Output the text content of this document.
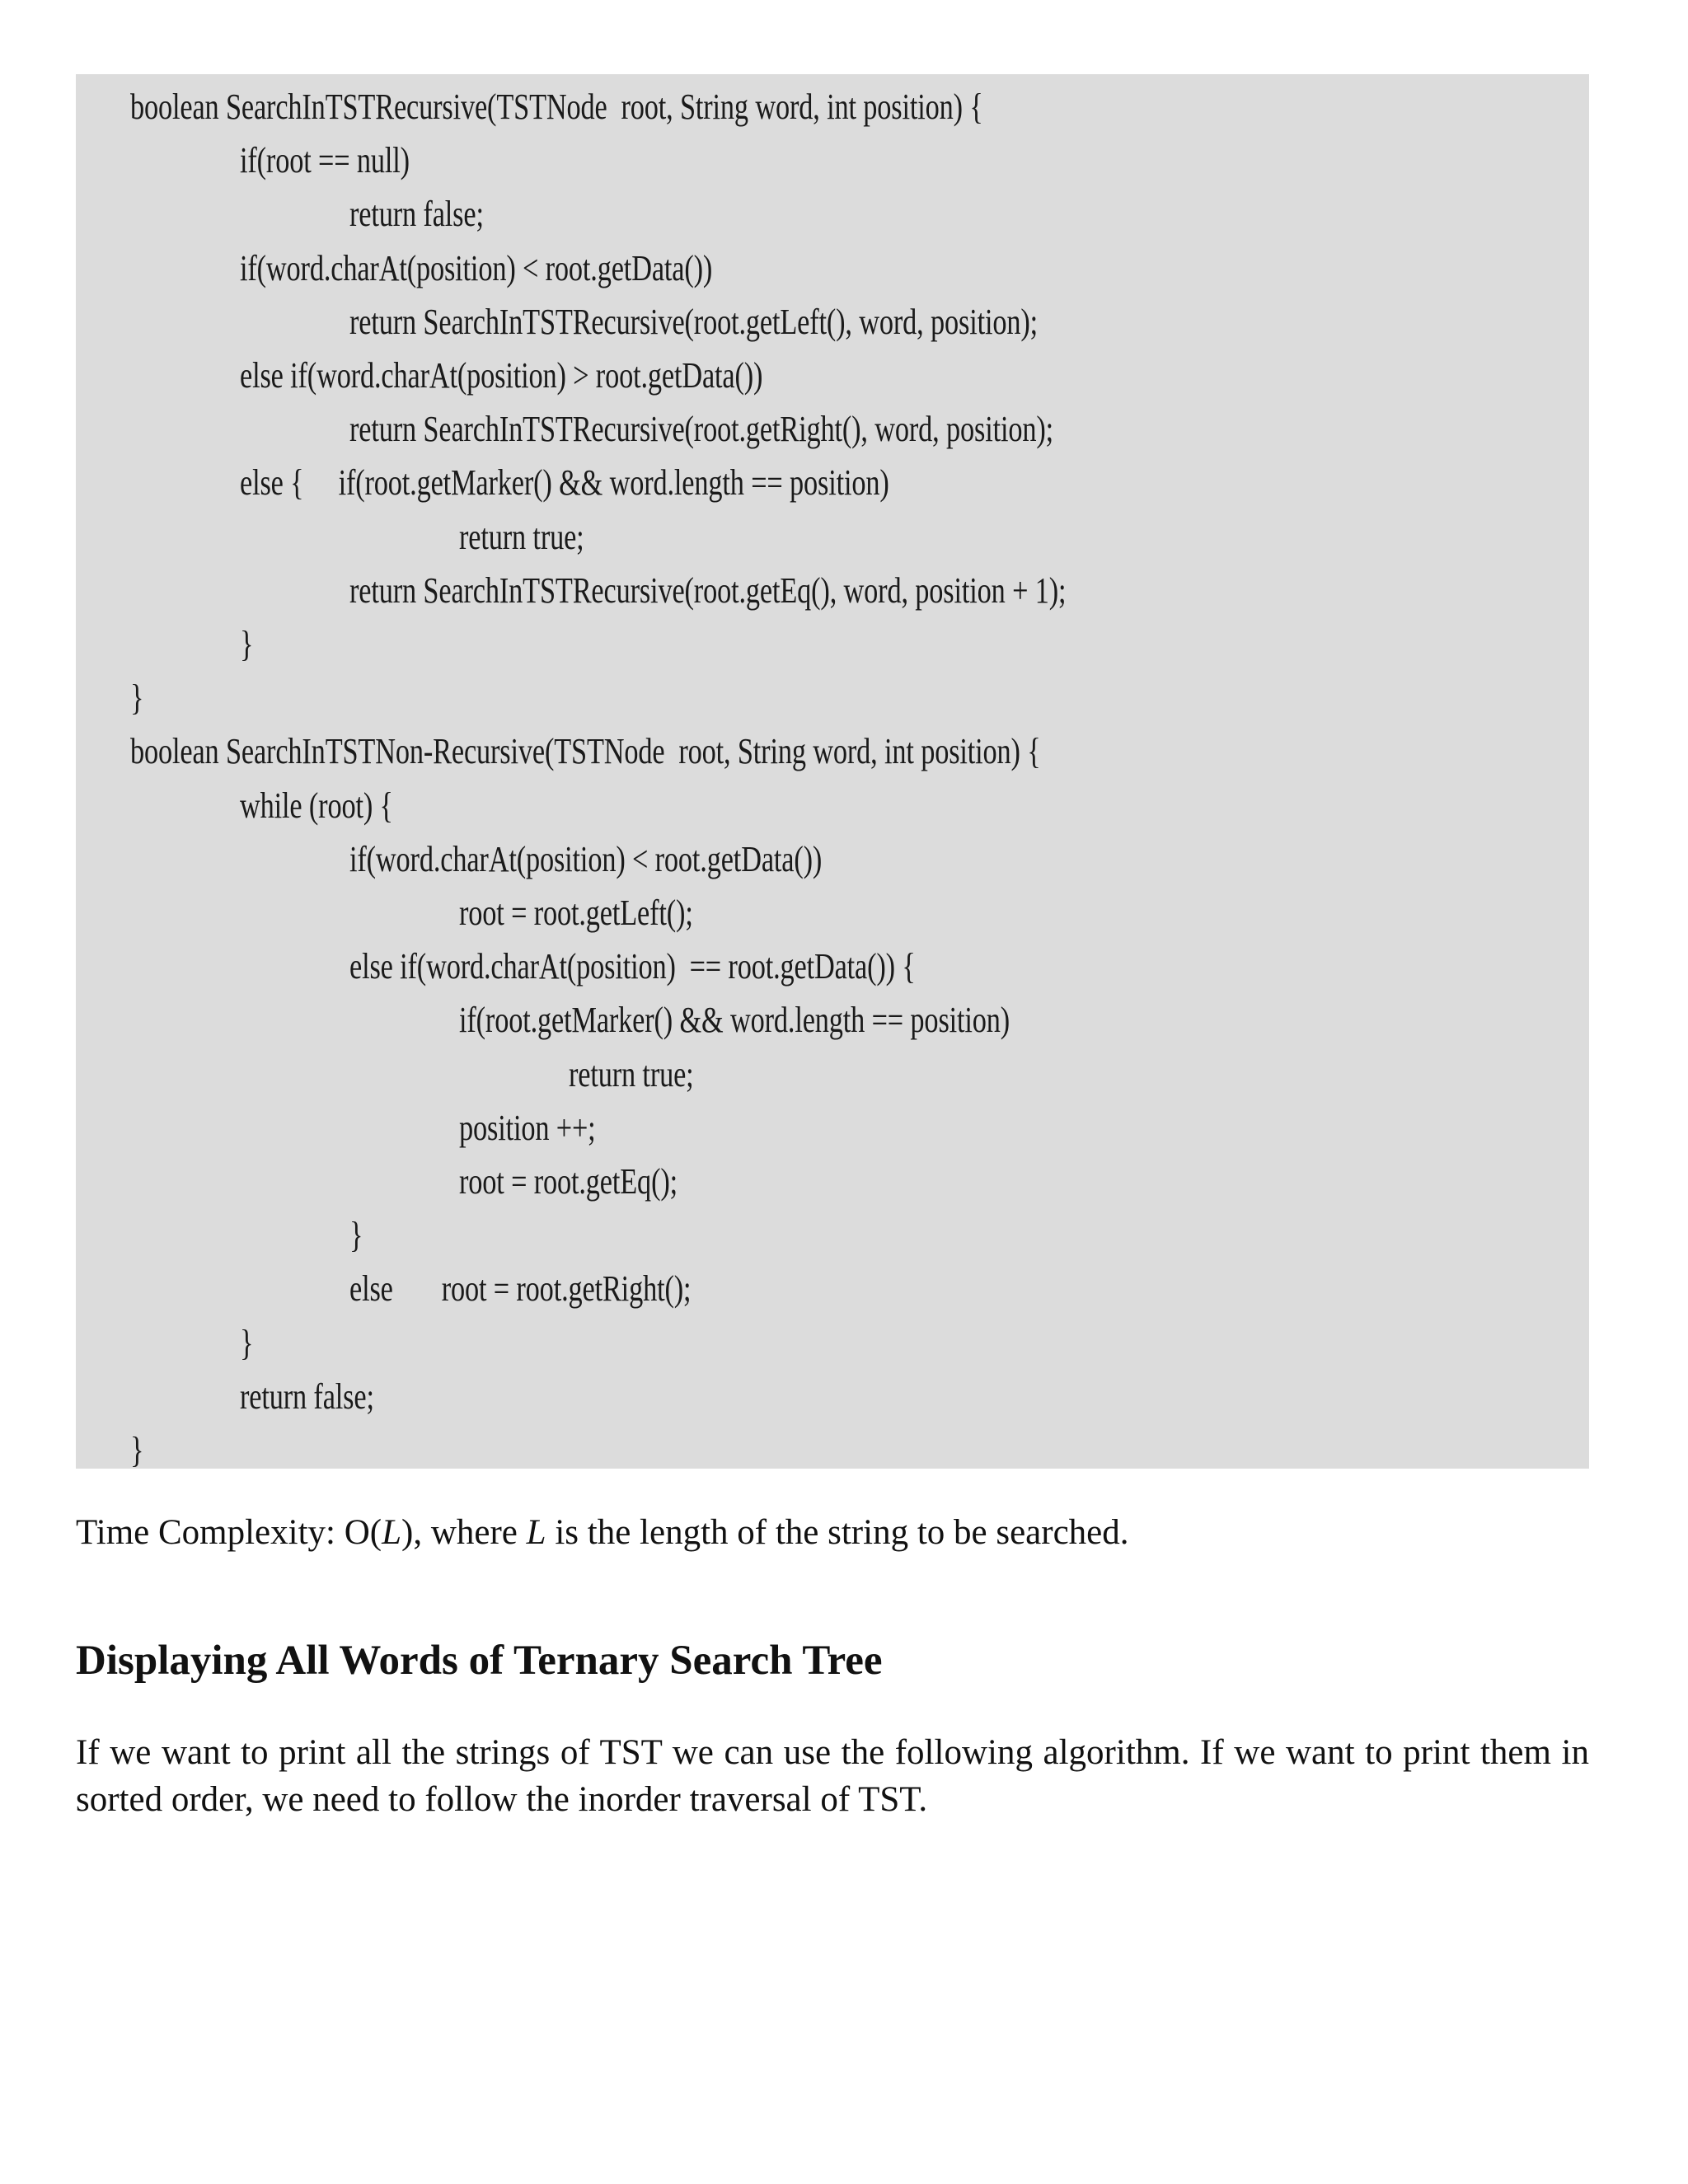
boolean SearchInTSTRecursive(TSTNode  root, String word, int position) {
if(root == null)
return false;
if(word.charAt(position) < root.getData())
return SearchInTSTRecursive(root.getLeft(), word, position);
else if(word.charAt(position) > root.getData())
return SearchInTSTRecursive(root.getRight(), word, position);
else {     if(root.getMarker() && word.length == position)
return true;
return SearchInTSTRecursive(root.getEq(), word, position + 1);
}
}
boolean SearchInTSTNon-Recursive(TSTNode  root, String word, int position) {
while (root) {
if(word.charAt(position) < root.getData())
root = root.getLeft();
else if(word.charAt(position)  == root.getData()) {
if(root.getMarker() && word.length == position)
return true;
position ++;
root = root.getEq();
}
else       root = root.getRight();
}
return false;
}
Time Complexity: O(L), where L is the length of the string to be searched.
Displaying All Words of Ternary Search Tree
If we want to print all the strings of TST we can use the following algorithm. If we want to print them in sorted order, we need to follow the inorder traversal of TST.
